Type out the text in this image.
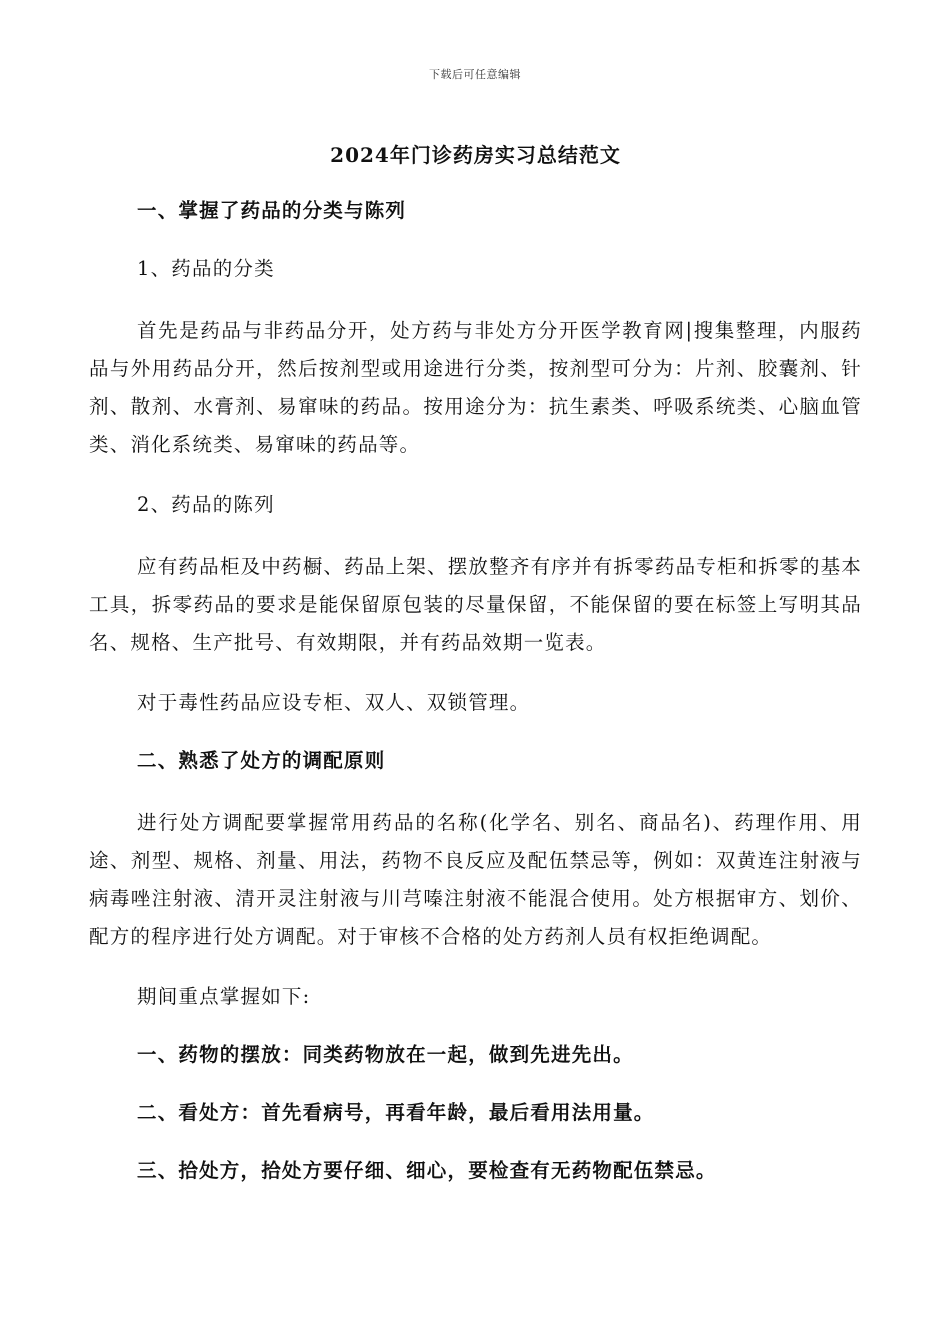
下载后可任意编辑
2024年门诊药房实习总结范文
一、掌握了药品的分类与陈列
1、药品的分类
首先是药品与非药品分开，处方药与非处方分开医学教育网|搜集整理，内服药品与外用药品分开，然后按剂型或用途进行分类，按剂型可分为：片剂、胶囊剂、针剂、散剂、水膏剂、易窜味的药品。按用途分为：抗生素类、呼吸系统类、心脑血管类、消化系统类、易窜味的药品等。
2、药品的陈列
应有药品柜及中药橱、药品上架、摆放整齐有序并有拆零药品专柜和拆零的基本工具，拆零药品的要求是能保留原包装的尽量保留，不能保留的要在标签上写明其品名、规格、生产批号、有效期限，并有药品效期一览表。
对于毒性药品应设专柜、双人、双锁管理。
二、熟悉了处方的调配原则
进行处方调配要掌握常用药品的名称(化学名、别名、商品名)、药理作用、用途、剂型、规格、剂量、用法，药物不良反应及配伍禁忌等，例如：双黄连注射液与病毒唑注射液、清开灵注射液与川芎嗪注射液不能混合使用。处方根据审方、划价、配方的程序进行处方调配。对于审核不合格的处方药剂人员有权拒绝调配。
期间重点掌握如下:
一、药物的摆放：同类药物放在一起，做到先进先出。
二、看处方：首先看病号，再看年龄，最后看用法用量。
三、拾处方，拾处方要仔细、细心，要检查有无药物配伍禁忌。
